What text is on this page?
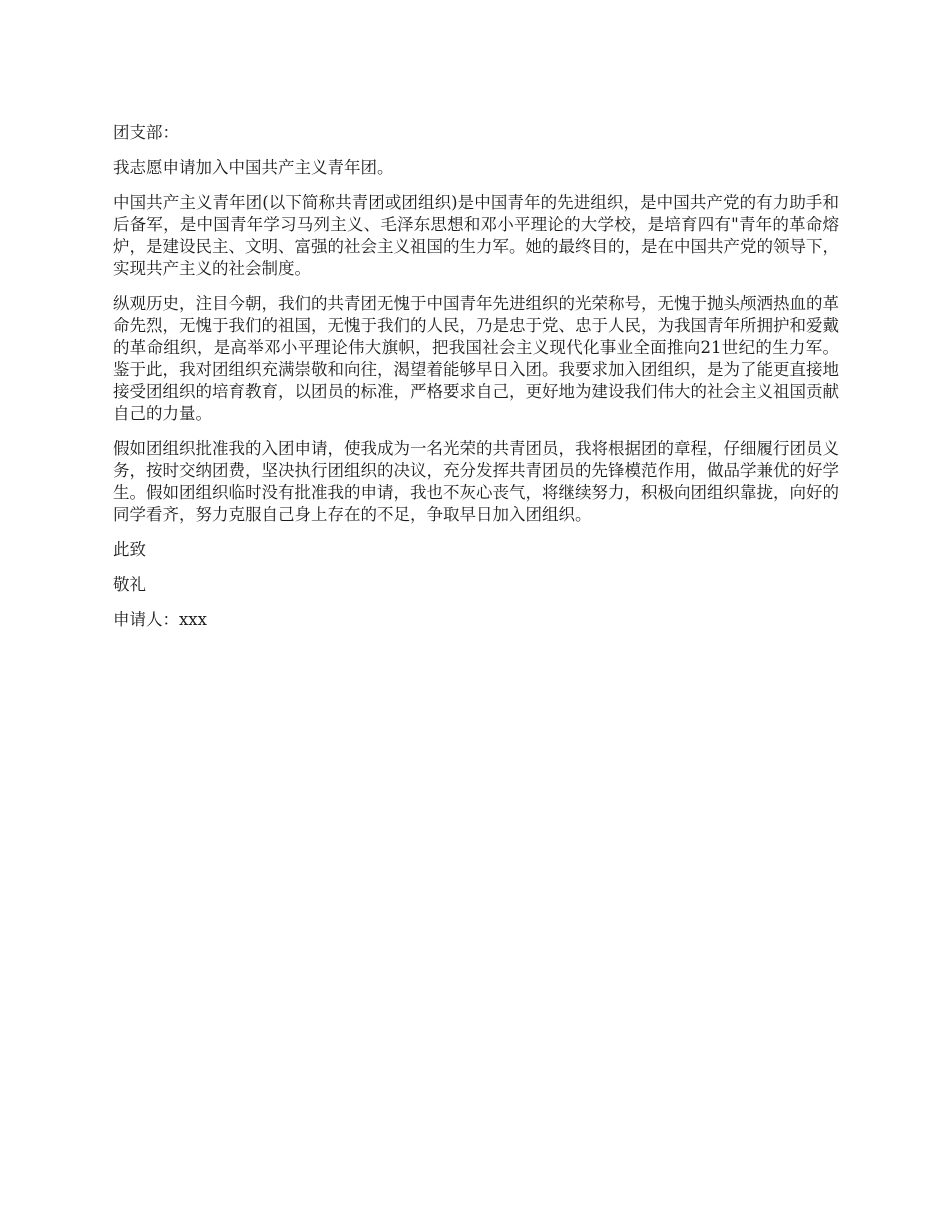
团支部：

我志愿申请加入中国共产主义青年团。

中国共产主义青年团(以下简称共青团或团组织)是中国青年的先进组织，是中国共产党的有力助手和后备军，是中国青年学习马列主义、毛泽东思想和邓小平理论的大学校，是培育四有"青年的革命熔炉，是建设民主、文明、富强的社会主义祖国的生力军。她的最终目的，是在中国共产党的领导下，实现共产主义的社会制度。

纵观历史，注目今朝，我们的共青团无愧于中国青年先进组织的光荣称号，无愧于抛头颅洒热血的革命先烈，无愧于我们的祖国，无愧于我们的人民，乃是忠于党、忠于人民，为我国青年所拥护和爱戴的革命组织，是高举邓小平理论伟大旗帜，把我国社会主义现代化事业全面推向21世纪的生力军。鉴于此，我对团组织充满崇敬和向往，渴望着能够早日入团。我要求加入团组织，是为了能更直接地接受团组织的培育教育，以团员的标准，严格要求自己，更好地为建设我们伟大的社会主义祖国贡献自己的力量。

假如团组织批准我的入团申请，使我成为一名光荣的共青团员，我将根据团的章程，仔细履行团员义务，按时交纳团费，坚决执行团组织的决议，充分发挥共青团员的先锋模范作用，做品学兼优的好学生。假如团组织临时没有批准我的申请，我也不灰心丧气，将继续努力，积极向团组织靠拢，向好的同学看齐，努力克服自己身上存在的不足，争取早日加入团组织。

此致

敬礼

申请人：xxx
